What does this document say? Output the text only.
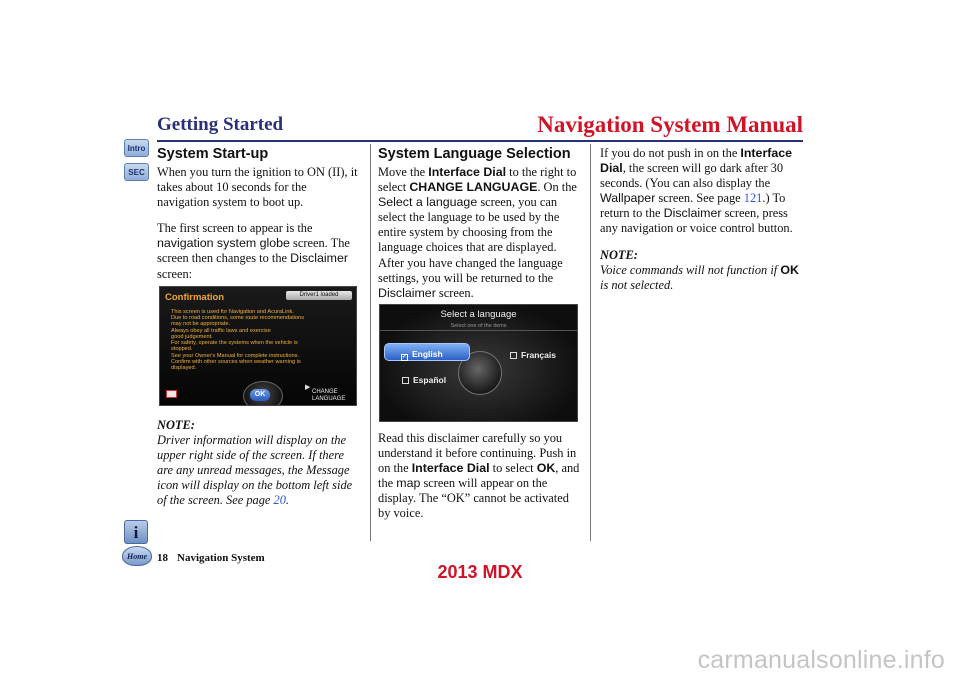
Getting Started	Navigation System Manual
Intro
SEC
System Start-up

When you turn the ignition to ON (II), it takes about 10 seconds for the navigation system to boot up.

The first screen to appear is the navigation system globe screen. The screen then changes to the Disclaimer screen:

Confirmation	Driver1 loaded
This screen is used for Navigation and AcuraLink.
Due to road conditions, some route recommendations
may not be appropriate.
Always obey all traffic laws and exercise
good judgement.
For safety, operate the systems when the vehicle is
stopped.
See your Owner's Manual for complete instructions.
Confirm with other sources when weather warning is
displayed.
OK
▶
CHANGE
LANGUAGE
NOTE:

Driver information will display on the upper right side of the screen. If there are any unread messages, the Message icon will display on the bottom left side of the screen. See page 20.

System Language Selection

Move the Interface Dial to the right to select CHANGE LANGUAGE. On the Select a language screen, you can select the language to be used by the entire system by choosing from the language choices that are displayed. After you have changed the language settings, you will be returned to the Disclaimer screen.

Select a language
Select one of the items
✓ English	Français
Español

Read this disclaimer carefully so you understand it before continuing. Push in on the Interface Dial to select OK, and the map screen will appear on the display. The “OK” cannot be activated by voice.

If you do not push in on the Interface Dial, the screen will go dark after 30 seconds. (You can also display the Wallpaper screen. See page 121.) To return to the Disclaimer screen, press any navigation or voice control button.

NOTE:

Voice commands will not function if OK is not selected.

i
Home 18 Navigation System
2013 MDX
carmanualsonline.info
